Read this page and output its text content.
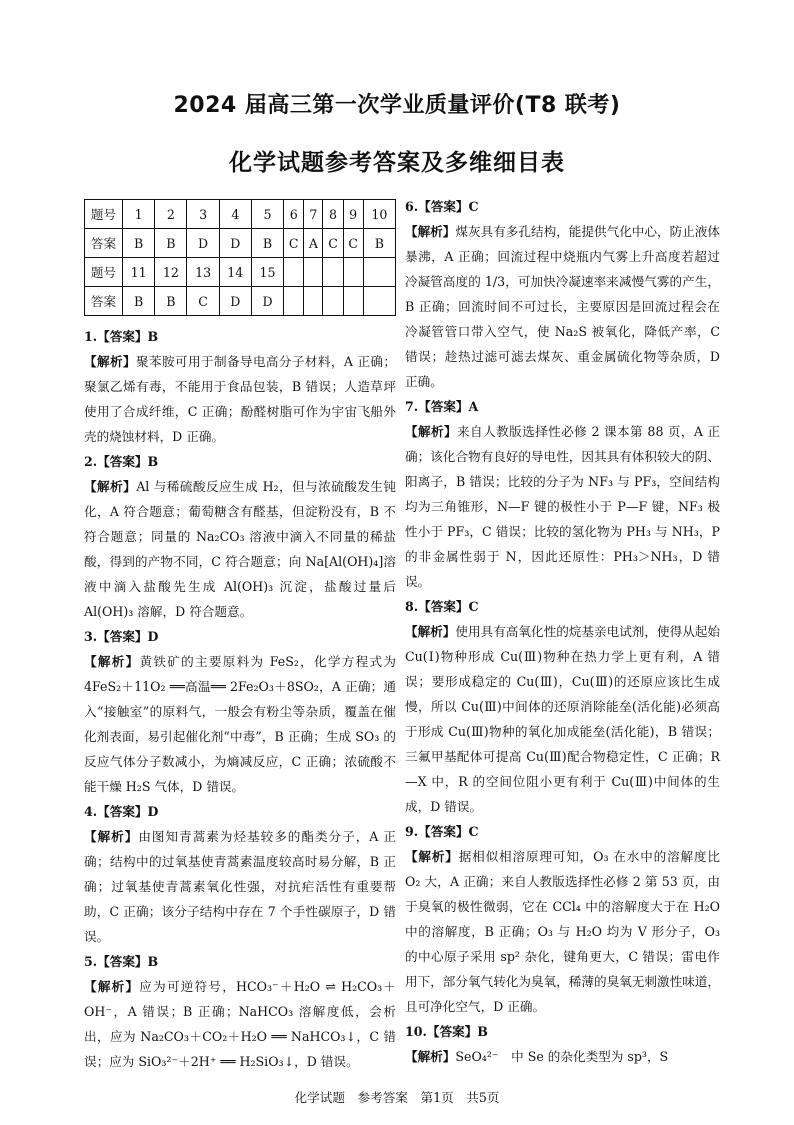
2024 届高三第一次学业质量评价(T8 联考)
化学试题参考答案及多维细目表
题号	1	2	3	4	5	6	7	8	9	10
答案	B	B	D	D	B	C	A	C	C	B
题号	11	12	13	14	15					
答案	B	B	C	D	D					
1.【答案】B
【解析】聚苯胺可用于制备导电高分子材料，A 正确；聚氯乙烯有毒，不能用于食品包装，B 错误；人造草坪使用了合成纤维，C 正确；酚醛树脂可作为宇宙飞船外壳的烧蚀材料，D 正确。
2.【答案】B
【解析】Al 与稀硫酸反应生成 H₂，但与浓硫酸发生钝化，A 符合题意；葡萄糖含有醛基，但淀粉没有，B 不符合题意；同量的 Na₂CO₃ 溶液中滴入不同量的稀盐酸，得到的产物不同，C 符合题意；向 Na[Al(OH)₄]溶液中滴入盐酸先生成 Al(OH)₃ 沉淀，盐酸过量后 Al(OH)₃ 溶解，D 符合题意。
3.【答案】D
【解析】黄铁矿的主要原料为 FeS₂，化学方程式为 4FeS₂＋11O₂ ══高温══ 2Fe₂O₃＋8SO₂，A 正确；通入“接触室”的原料气，一般会有粉尘等杂质，覆盖在催化剂表面，易引起催化剂“中毒”，B 正确；生成 SO₃ 的反应气体分子数减小，为熵减反应，C 正确；浓硫酸不能干燥 H₂S 气体，D 错误。
4.【答案】D
【解析】由图知青蒿素为烃基较多的酯类分子，A 正确；结构中的过氧基使青蒿素温度较高时易分解，B 正确；过氧基使青蒿素氧化性强，对抗疟活性有重要帮助，C 正确；该分子结构中存在 7 个手性碳原子，D 错误。
5.【答案】B
【解析】应为可逆符号，HCO₃⁻＋H₂O ⇌ H₂CO₃＋OH⁻，A 错误；B 正确；NaHCO₃ 溶解度低，会析出，应为 Na₂CO₃＋CO₂＋H₂O ══ NaHCO₃↓，C 错误；应为 SiO₃²⁻＋2H⁺ ══ H₂SiO₃↓，D 错误。
6.【答案】C
【解析】煤灰具有多孔结构，能提供气化中心，防止液体暴沸，A 正确；回流过程中烧瓶内气雾上升高度若超过冷凝管高度的 1/3，可加快冷凝速率来减慢气雾的产生，B 正确；回流时间不可过长，主要原因是回流过程会在冷凝管管口带入空气，使 Na₂S 被氧化，降低产率，C 错误；趁热过滤可滤去煤灰、重金属硫化物等杂质，D 正确。
7.【答案】A
【解析】来自人教版选择性必修 2 课本第 88 页，A 正确；该化合物有良好的导电性，因其具有体积较大的阴、阳离子，B 错误；比较的分子为 NF₃ 与 PF₃，空间结构均为三角锥形，N—F 键的极性小于 P—F 键，NF₃ 极性小于 PF₃，C 错误；比较的氢化物为 PH₃ 与 NH₃，P 的非金属性弱于 N，因此还原性：PH₃＞NH₃，D 错误。
8.【答案】C
【解析】使用具有高氧化性的烷基亲电试剂，使得从起始 Cu(Ⅰ)物种形成 Cu(Ⅲ)物种在热力学上更有利，A 错误；要形成稳定的 Cu(Ⅲ)，Cu(Ⅲ)的还原应该比生成慢，所以 Cu(Ⅲ)中间体的还原消除能垒(活化能)必须高于形成 Cu(Ⅲ)物种的氧化加成能垒(活化能)，B 错误；三氟甲基配体可提高 Cu(Ⅲ)配合物稳定性，C 正确；R—X 中，R 的空间位阻小更有利于 Cu(Ⅲ)中间体的生成，D 错误。
9.【答案】C
【解析】据相似相溶原理可知，O₃ 在水中的溶解度比 O₂ 大，A 正确；来自人教版选择性必修 2 第 53 页，由于臭氧的极性微弱，它在 CCl₄ 中的溶解度大于在 H₂O 中的溶解度，B 正确；O₃ 与 H₂O 均为 V 形分子，O₃ 的中心原子采用 sp² 杂化，键角更大，C 错误；雷电作用下，部分氧气转化为臭氧，稀薄的臭氧无刺激性味道，且可净化空气，D 正确。
10.【答案】B
【解析】SeO₄²⁻　中 Se 的杂化类型为 sp³，S
化学试题　参考答案　第1页　共5页
